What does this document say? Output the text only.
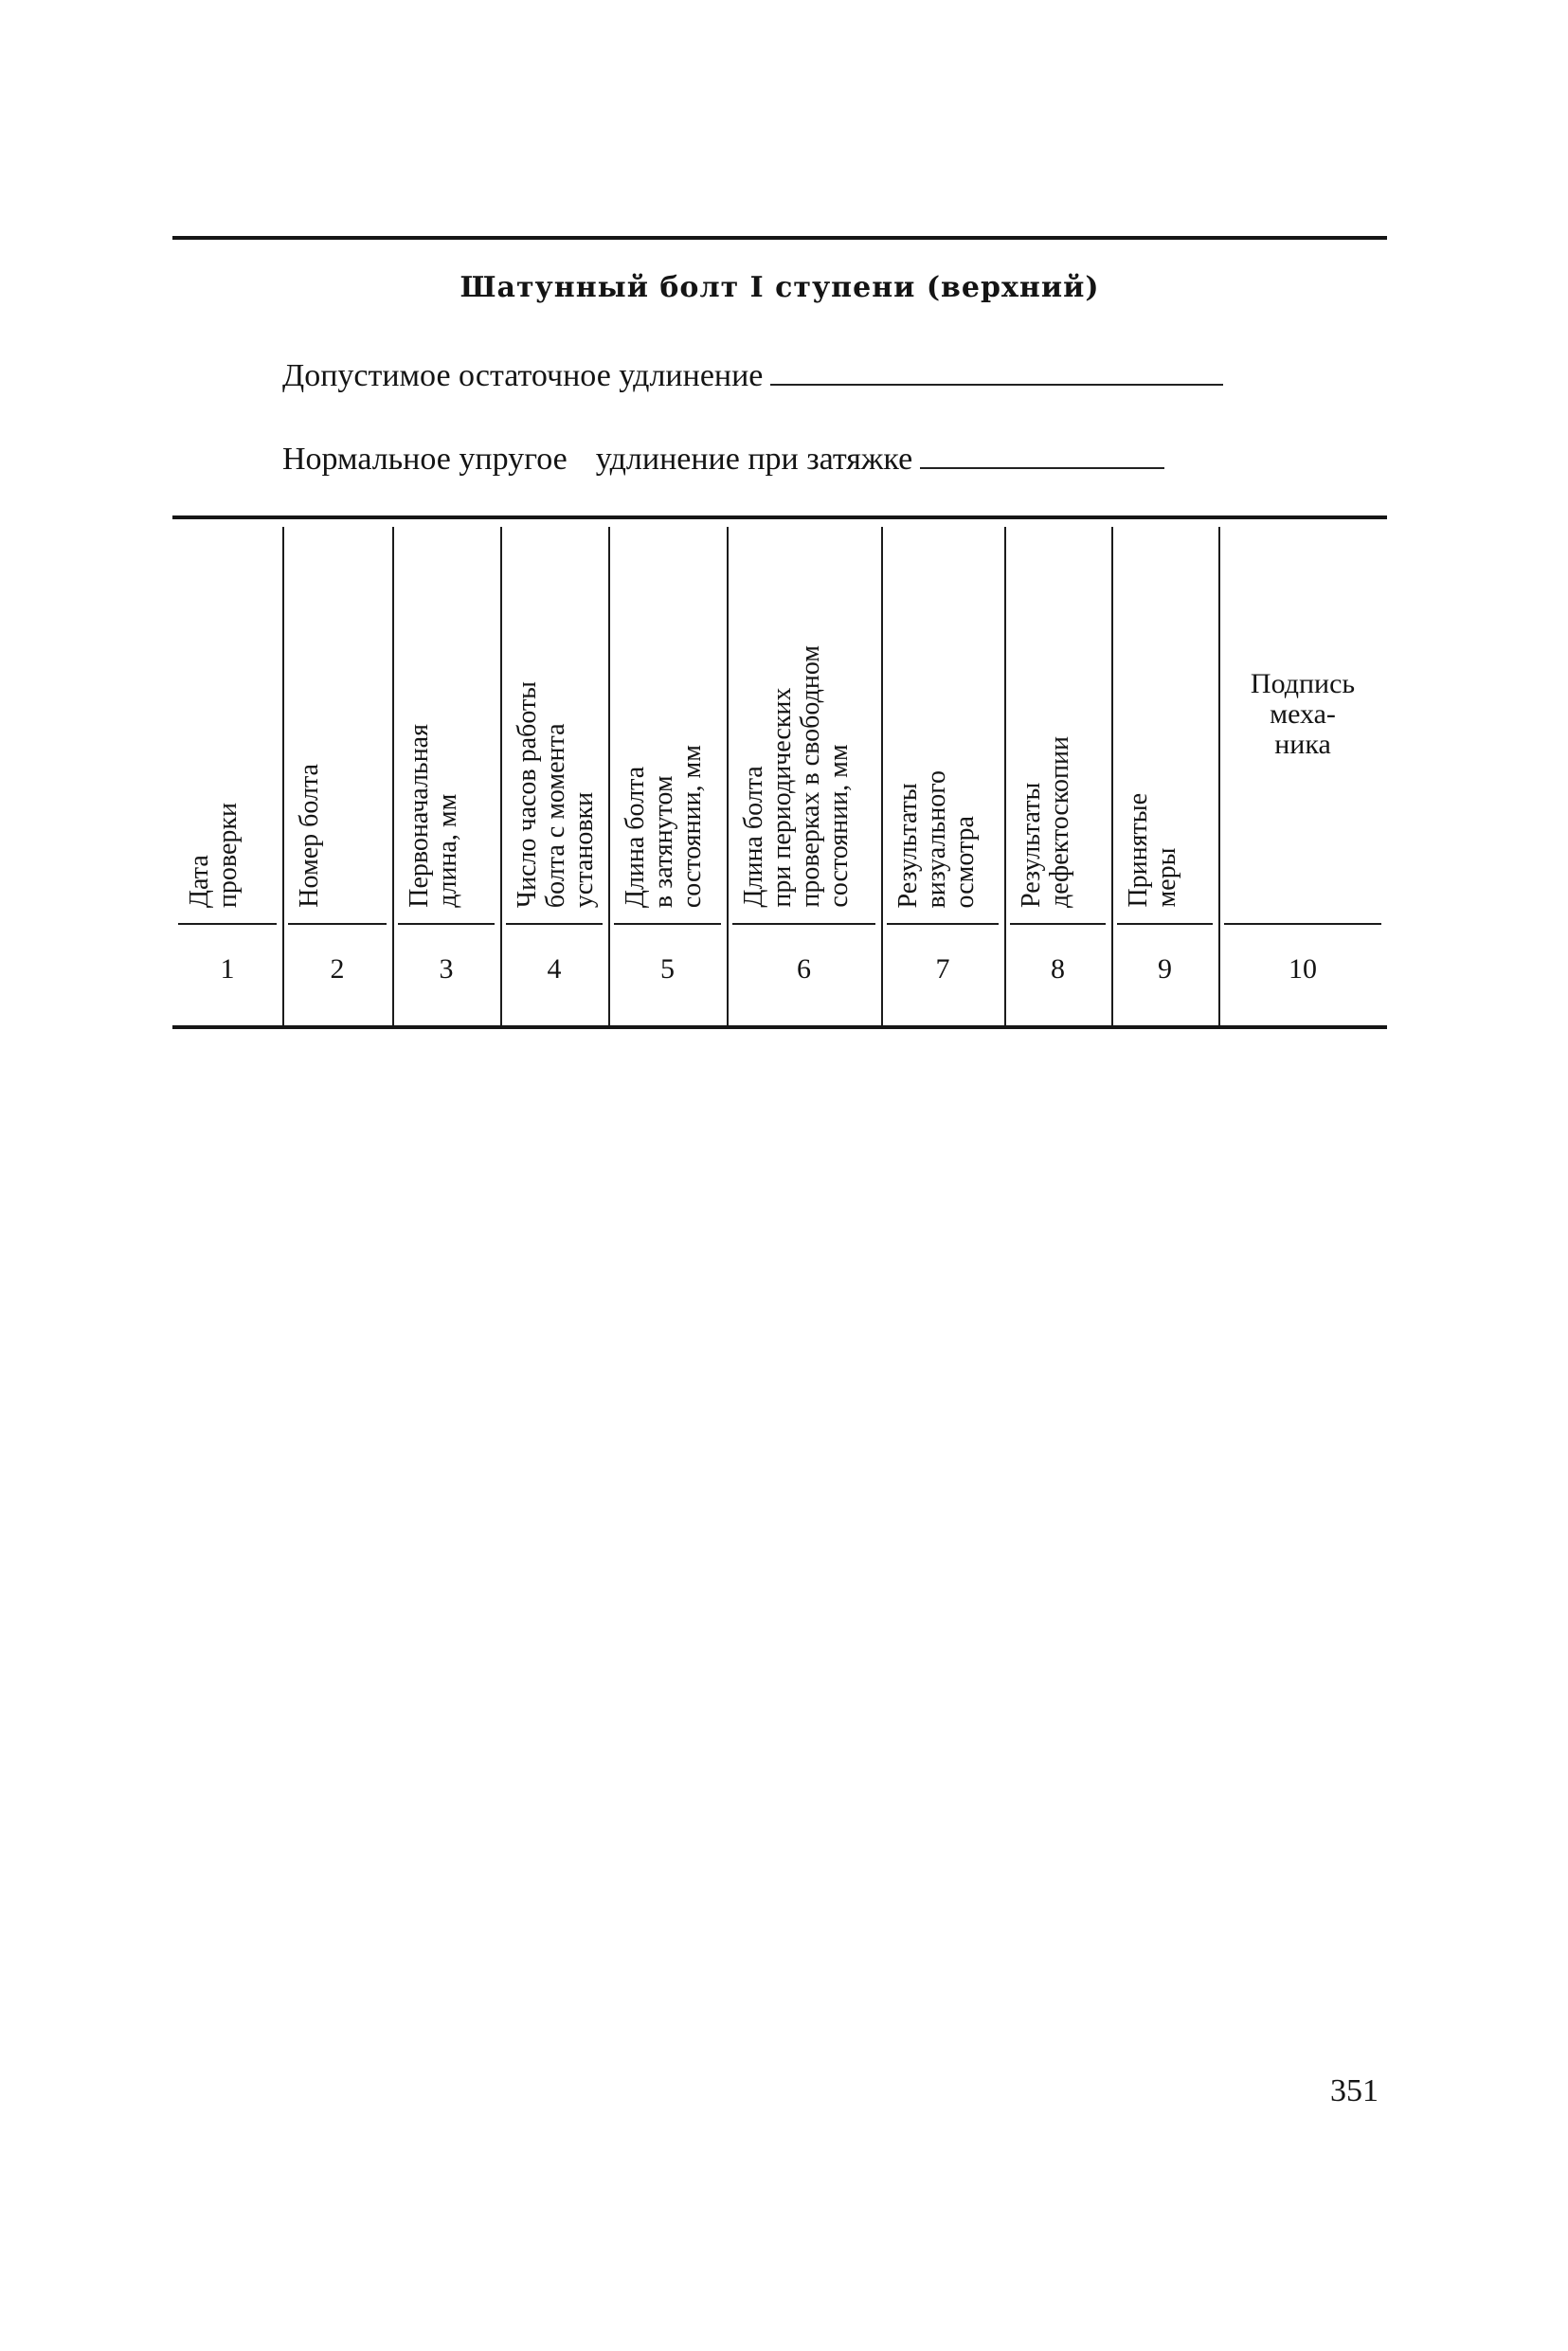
Шатунный болт I ступени (верхний)
Допустимое остаточное удлинение
Нормальное упругое удлинение при затяжке
Дата
проверки
1
Номер болта
2
Первоначальная
длина, мм
3
Число часов работы
болта с момента
установки
4
Длина болта
в затянутом
состоянии, мм
5
Длина болта
при периодических
проверках в свободном
состоянии, мм
6
Результаты
визуального
осмотра
7
Результаты
дефектоскопии
8
Принятые
меры
9
Подпись
меха-
ника
10
351
